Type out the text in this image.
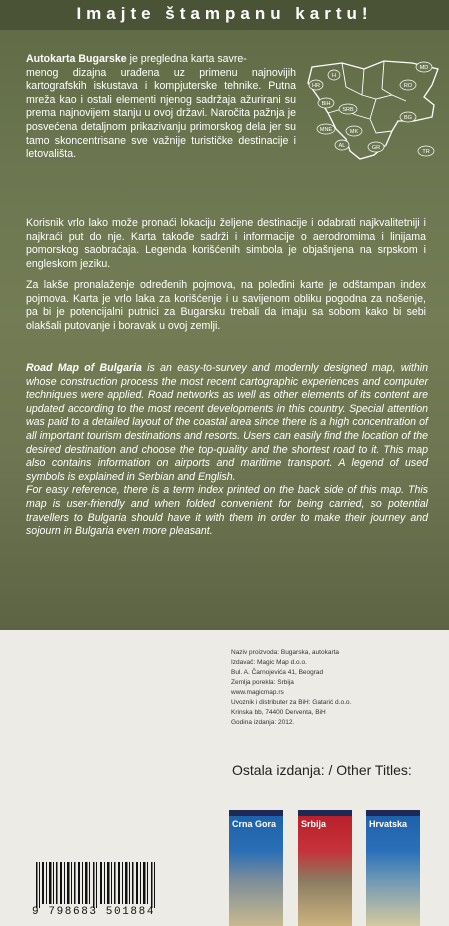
Imajte štampanu kartu!
Autokarta Bugarske je pregledna karta savre-
menog dizajna urađena uz primenu najnovijih kartografskih iskustava i kompjuterske tehnike. Putna mreža kao i ostali elementi njenog sadržaja ažurirani su prema najnovijem stanju u ovoj državi. Naročita pažnja je posvećena detaljnom prikazivanju primorskog dela jer su tamo skoncentrisane sve važnije turističke destinacije i letovališta.
MD
H
RO
HR
BiH
SRB
BG
MNE	MK
AL	GR
TR
Korisnik vrlo lako može pronaći lokaciju željene destinacije i odabrati najkvalitetniji i najkraći put do nje. Karta takođe sadrži i informacije o aerodromima i linijama pomorskog saobraćaja. Legenda korišćenih simbola je objašnjena na srpskom i engleskom jeziku.
Za lakše pronalaženje određenih pojmova, na poleđini karte je odštampan index pojmova. Karta je vrlo laka za korišćenje i u savijenom obliku pogodna za nošenje, pa bi je potencijalni putnici za Bugarsku trebali da imaju sa sobom kako bi sebi olakšali putovanje i boravak u ovoj zemlji.
Road Map of Bulgaria is an easy-to-survey and modernly designed map, within whose construction process the most recent cartographic experiences and computer techniques were applied. Road networks as well as other elements of its content are updated according to the most recent developments in this country. Special attention was paid to a detailed layout of the coastal area since there is a high concentration of all important tourism destinations and resorts. Users can easily find the location of the desired destination and choose the top-quality and the shortest road to it. This map also contains information on airports and maritime transport. A legend of used symbols is explained in Serbian and English.
For easy reference, there is a term index printed on the back side of this map. This map is user-friendly and when folded convenient for being carried, so potential travellers to Bulgaria should have it with them in order to make their journey and sojourn in Bulgaria even more pleasant.
Naziv proizvoda: Bugarska, autokarta
Izdavač: Magic Map d.o.o.
Bul. A. Čarnojevića 41, Beograd
Zemlja porekla: Srbija
www.magicmap.rs
Uvoznik i distributer za BiH: Gatarić d.o.o.
Krinska bb, 74400 Derventa, BiH
Godina izdanja: 2012.
Ostala izdanja: / Other Titles:
Crna Gora	Srbija	Hrvatska
9 798683 501884
